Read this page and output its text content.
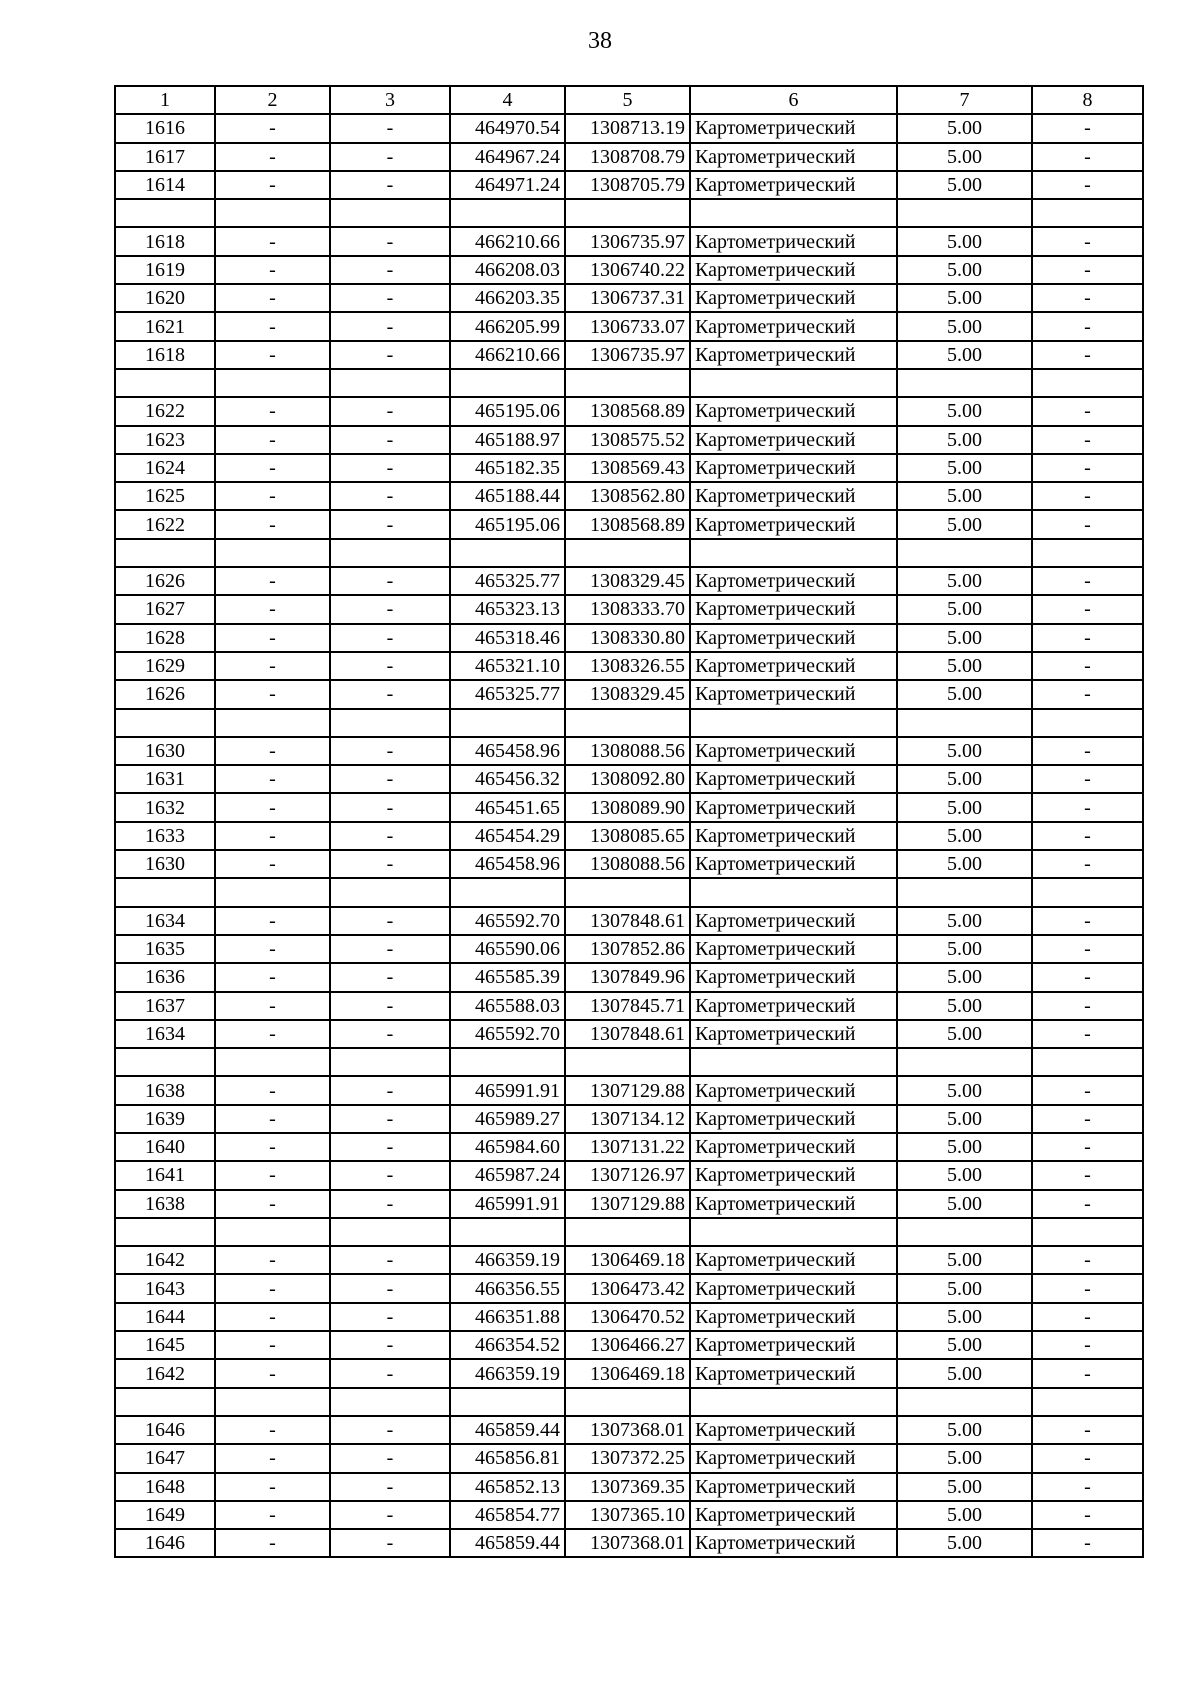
38
1	2	3	4	5	6	7	8
1616	-	-	464970.54	1308713.19	Картометрический	5.00	-
1617	-	-	464967.24	1308708.79	Картометрический	5.00	-
1614	-	-	464971.24	1308705.79	Картометрический	5.00	-

1618	-	-	466210.66	1306735.97	Картометрический	5.00	-
1619	-	-	466208.03	1306740.22	Картометрический	5.00	-
1620	-	-	466203.35	1306737.31	Картометрический	5.00	-
1621	-	-	466205.99	1306733.07	Картометрический	5.00	-
1618	-	-	466210.66	1306735.97	Картометрический	5.00	-

1622	-	-	465195.06	1308568.89	Картометрический	5.00	-
1623	-	-	465188.97	1308575.52	Картометрический	5.00	-
1624	-	-	465182.35	1308569.43	Картометрический	5.00	-
1625	-	-	465188.44	1308562.80	Картометрический	5.00	-
1622	-	-	465195.06	1308568.89	Картометрический	5.00	-

1626	-	-	465325.77	1308329.45	Картометрический	5.00	-
1627	-	-	465323.13	1308333.70	Картометрический	5.00	-
1628	-	-	465318.46	1308330.80	Картометрический	5.00	-
1629	-	-	465321.10	1308326.55	Картометрический	5.00	-
1626	-	-	465325.77	1308329.45	Картометрический	5.00	-

1630	-	-	465458.96	1308088.56	Картометрический	5.00	-
1631	-	-	465456.32	1308092.80	Картометрический	5.00	-
1632	-	-	465451.65	1308089.90	Картометрический	5.00	-
1633	-	-	465454.29	1308085.65	Картометрический	5.00	-
1630	-	-	465458.96	1308088.56	Картометрический	5.00	-

1634	-	-	465592.70	1307848.61	Картометрический	5.00	-
1635	-	-	465590.06	1307852.86	Картометрический	5.00	-
1636	-	-	465585.39	1307849.96	Картометрический	5.00	-
1637	-	-	465588.03	1307845.71	Картометрический	5.00	-
1634	-	-	465592.70	1307848.61	Картометрический	5.00	-

1638	-	-	465991.91	1307129.88	Картометрический	5.00	-
1639	-	-	465989.27	1307134.12	Картометрический	5.00	-
1640	-	-	465984.60	1307131.22	Картометрический	5.00	-
1641	-	-	465987.24	1307126.97	Картометрический	5.00	-
1638	-	-	465991.91	1307129.88	Картометрический	5.00	-

1642	-	-	466359.19	1306469.18	Картометрический	5.00	-
1643	-	-	466356.55	1306473.42	Картометрический	5.00	-
1644	-	-	466351.88	1306470.52	Картометрический	5.00	-
1645	-	-	466354.52	1306466.27	Картометрический	5.00	-
1642	-	-	466359.19	1306469.18	Картометрический	5.00	-

1646	-	-	465859.44	1307368.01	Картометрический	5.00	-
1647	-	-	465856.81	1307372.25	Картометрический	5.00	-
1648	-	-	465852.13	1307369.35	Картометрический	5.00	-
1649	-	-	465854.77	1307365.10	Картометрический	5.00	-
1646	-	-	465859.44	1307368.01	Картометрический	5.00	-
